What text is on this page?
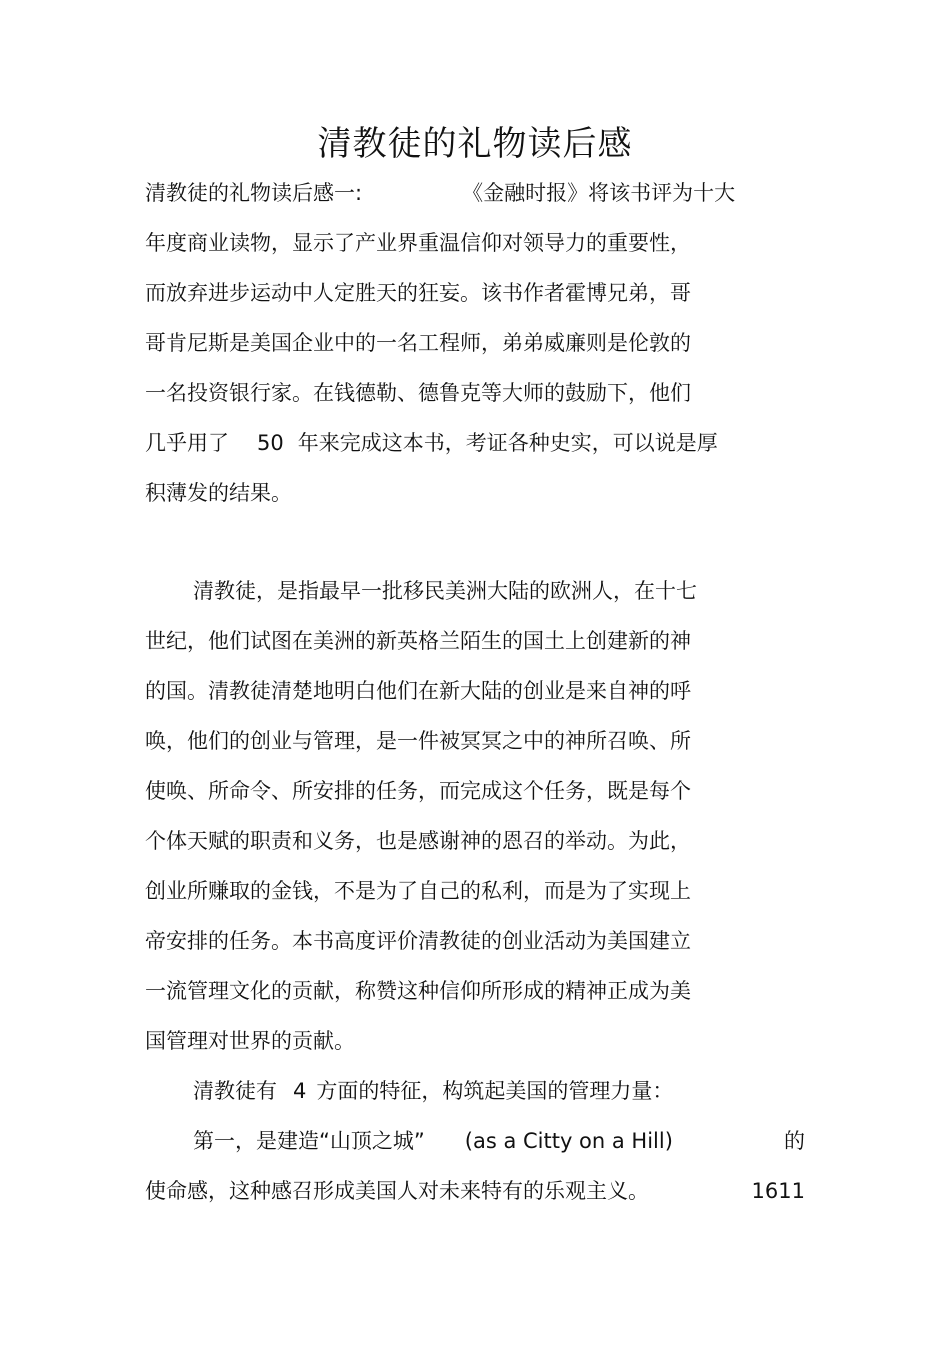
清教徒的礼物读后感
清教徒的礼物读后感一:	《金融时报》将该书评为十大
年度商业读物，显示了产业界重温信仰对领导力的重要性，
而放弃进步运动中人定胜天的狂妄。该书作者霍博兄弟，哥
哥肯尼斯是美国企业中的一名工程师，弟弟威廉则是伦敦的
一名投资银行家。在钱德勒、德鲁克等大师的鼓励下，他们
几乎用了 50 年来完成这本书，考证各种史实，可以说是厚
积薄发的结果。
清教徒，是指最早一批移民美洲大陆的欧洲人，在十七
世纪，他们试图在美洲的新英格兰陌生的国土上创建新的神
的国。清教徒清楚地明白他们在新大陆的创业是来自神的呼
唤，他们的创业与管理，是一件被冥冥之中的神所召唤、所
使唤、所命令、所安排的任务，而完成这个任务，既是每个
个体天赋的职责和义务，也是感谢神的恩召的举动。为此，
创业所赚取的金钱，不是为了自己的私利，而是为了实现上
帝安排的任务。本书高度评价清教徒的创业活动为美国建立
一流管理文化的贡献，称赞这种信仰所形成的精神正成为美
国管理对世界的贡献。
清教徒有 4 方面的特征，构筑起美国的管理力量：
第一，是建造“山顶之城” (as a Citty on a Hill)	的
使命感，这种感召形成美国人对未来特有的乐观主义。	1611
